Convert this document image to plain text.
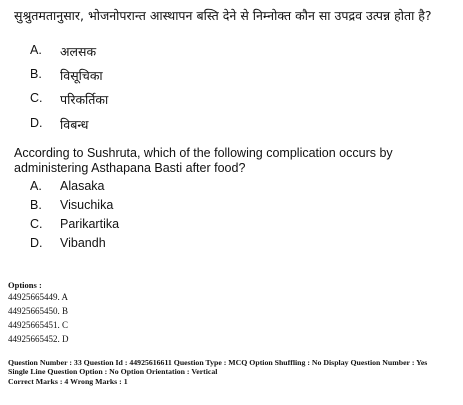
सुश्रुतमतानुसार, भोजनोपरान्त आस्थापन बस्ति देने से निम्नोक्त कौन सा उपद्रव उत्पन्न होता है?
A.	अलसक
B.	विसूचिका
C.	परिकर्तिका
D.	विबन्ध
According to Sushruta, which of the following complication occurs by administering Asthapana Basti after food?
A.	Alasaka
B.	Visuchika
C.	Parikartika
D.	Vibandh
Options :
44925665449. A
44925665450. B
44925665451. C
44925665452. D
Question Number : 33 Question Id : 44925616611 Question Type : MCQ Option Shuffling : No Display Question Number : Yes
Single Line Question Option : No Option Orientation : Vertical
Correct Marks : 4 Wrong Marks : 1
